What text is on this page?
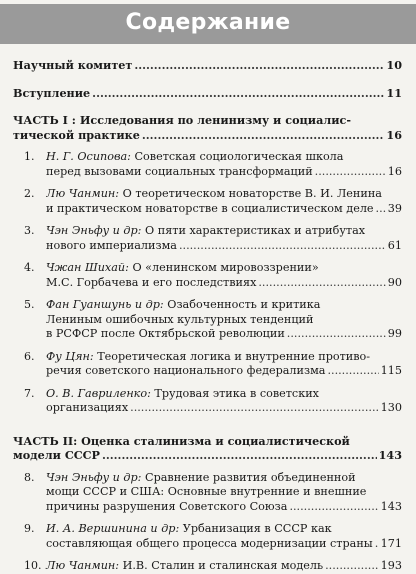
Содержание
Научный комитет .....	10
Вступление .....	11
ЧАСТЬ I : Исследования по ленинизму и социалис-
тической практике .....	16
1.	Н. Г. Осипова: Советская социологическая школа
перед вызовами социальных трансформаций .....	16
2.	Лю Чанмин: О теоретическом новаторстве В. И. Ленина
и практическом новаторстве в социалистическом деле ..... 39
3.	Чэн Эньфу и др: О пяти характеристиках и атрибутах
нового империализма .....	61
4.	Чжан Шихай: О «ленинском мировоззрении»
М.С. Горбачева и его последствиях .....	90
5.	Фан Гуаншунь и др: Озабоченность и критика
Лениным ошибочных культурных тенденций
в РСФСР после Октябрьской революции .....	99
6.	Фу Цян: Теоретическая логика и внутренние противо-
речия советского национального федерализма .....	115
7.	О. В. Гавриленко: Трудовая этика в советских
организациях .....	130
ЧАСТЬ II: Оценка сталинизма и социалистической
модели СССР .....	143
8.	Чэн Эньфу и др: Сравнение развития объединенной
мощи СССР и США: Основные внутренние и внешние
причины разрушения Советского Союза .....	143
9.	И. А. Вершинина и др: Урбанизация в СССР как
составляющая общего процесса модернизации страны ..... 171
10. Лю Чанмин: И.В. Сталин и сталинская модель .....	193
